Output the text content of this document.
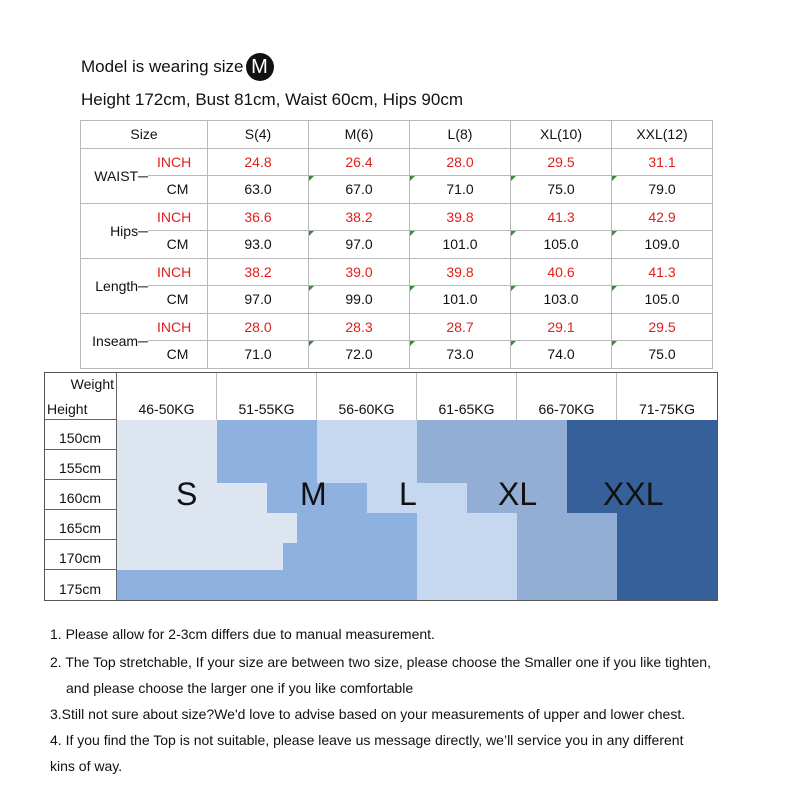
Model is wearing size M
Height 172cm, Bust 81cm, Waist 60cm, Hips 90cm
Size		S(4)	M(6)	L(8)	XL(10)	XXL(12)
WAIST─	INCH	24.8	26.4	28.0	29.5	31.1
	CM	63.0	67.0	71.0	75.0	79.0
Hips─	INCH	36.6	38.2	39.8	41.3	42.9
	CM	93.0	97.0	101.0	105.0	109.0
Length─	INCH	38.2	39.0	39.8	40.6	41.3
	CM	97.0	99.0	101.0	103.0	105.0
Inseam─	INCH	28.0	28.3	28.7	29.1	29.5
	CM	71.0	72.0	73.0	74.0	75.0
S	M L	XL XXL
Weight
Height	46-50KG	51-55KG	56-60KG	61-65KG	66-70KG	71-75KG
150cm
155cm
160cm
165cm
170cm
175cm
1. Please allow for 2-3cm differs due to manual measurement.
2. The Top stretchable, If your size are between two size, please choose the Smaller one if you like tighten,
and please choose the larger one if you like comfortable
3.Still not sure about size?We'd love to advise based on your measurements of upper and lower chest.
4. If you find the Top is not suitable, please leave us message directly, we’ll service you in any different
kins of way.
